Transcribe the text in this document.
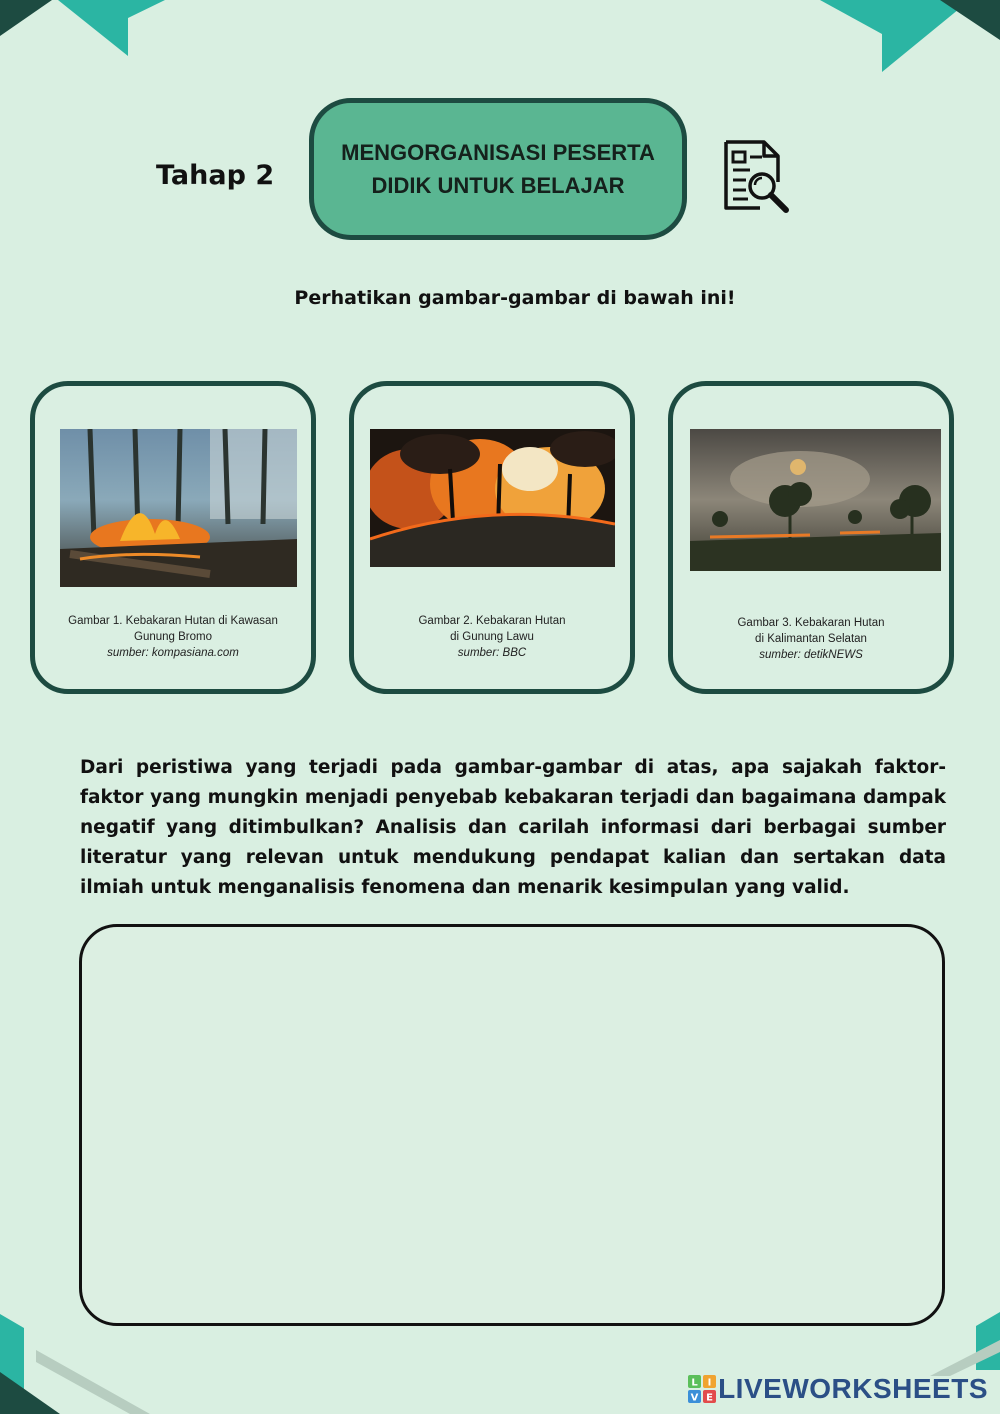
Tahap 2
MENGORGANISASI PESERTA
DIDIK UNTUK BELAJAR
Perhatikan gambar-gambar di bawah ini!
Gambar 1. Kebakaran Hutan di Kawasan
Gunung Bromo
sumber: kompasiana.com
Gambar 2. Kebakaran Hutan
di Gunung Lawu
sumber: BBC
Gambar 3. Kebakaran Hutan
di Kalimantan Selatan
sumber: detikNEWS
Dari peristiwa yang terjadi pada gambar-gambar di atas, apa sajakah faktor-faktor yang mungkin menjadi penyebab kebakaran terjadi dan bagaimana dampak negatif yang ditimbulkan? Analisis dan carilah informasi dari berbagai sumber literatur yang relevan untuk mendukung pendapat kalian dan sertakan data ilmiah untuk menganalisis fenomena dan menarik kesimpulan yang valid.
L I
V E LIVEWORKSHEETS
